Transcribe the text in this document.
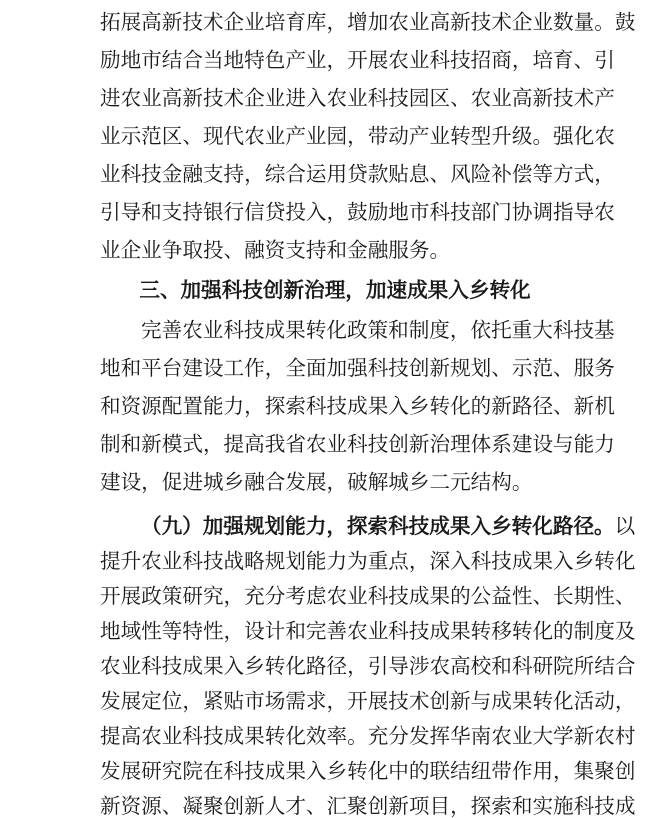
拓展高新技术企业培育库，增加农业高新技术企业数量。鼓
励地市结合当地特色产业，开展农业科技招商，培育、引
进农业高新技术企业进入农业科技园区、农业高新技术产
业示范区、现代农业产业园，带动产业转型升级。强化农
业科技金融支持，综合运用贷款贴息、风险补偿等方式，
引导和支持银行信贷投入，鼓励地市科技部门协调指导农
业企业争取投、融资支持和金融服务。
三、加强科技创新治理，加速成果入乡转化
完善农业科技成果转化政策和制度，依托重大科技基
地和平台建设工作，全面加强科技创新规划、示范、服务
和资源配置能力，探索科技成果入乡转化的新路径、新机
制和新模式，提高我省农业科技创新治理体系建设与能力
建设，促进城乡融合发展，破解城乡二元结构。
（九）加强规划能力，探索科技成果入乡转化路径。以
提升农业科技战略规划能力为重点，深入科技成果入乡转化
开展政策研究，充分考虑农业科技成果的公益性、长期性、
地域性等特性，设计和完善农业科技成果转移转化的制度及
农业科技成果入乡转化路径，引导涉农高校和科研院所结合
发展定位，紧贴市场需求，开展技术创新与成果转化活动，
提高农业科技成果转化效率。充分发挥华南农业大学新农村
发展研究院在科技成果入乡转化中的联结纽带作用，集聚创
新资源、凝聚创新人才、汇聚创新项目，探索和实施科技成
